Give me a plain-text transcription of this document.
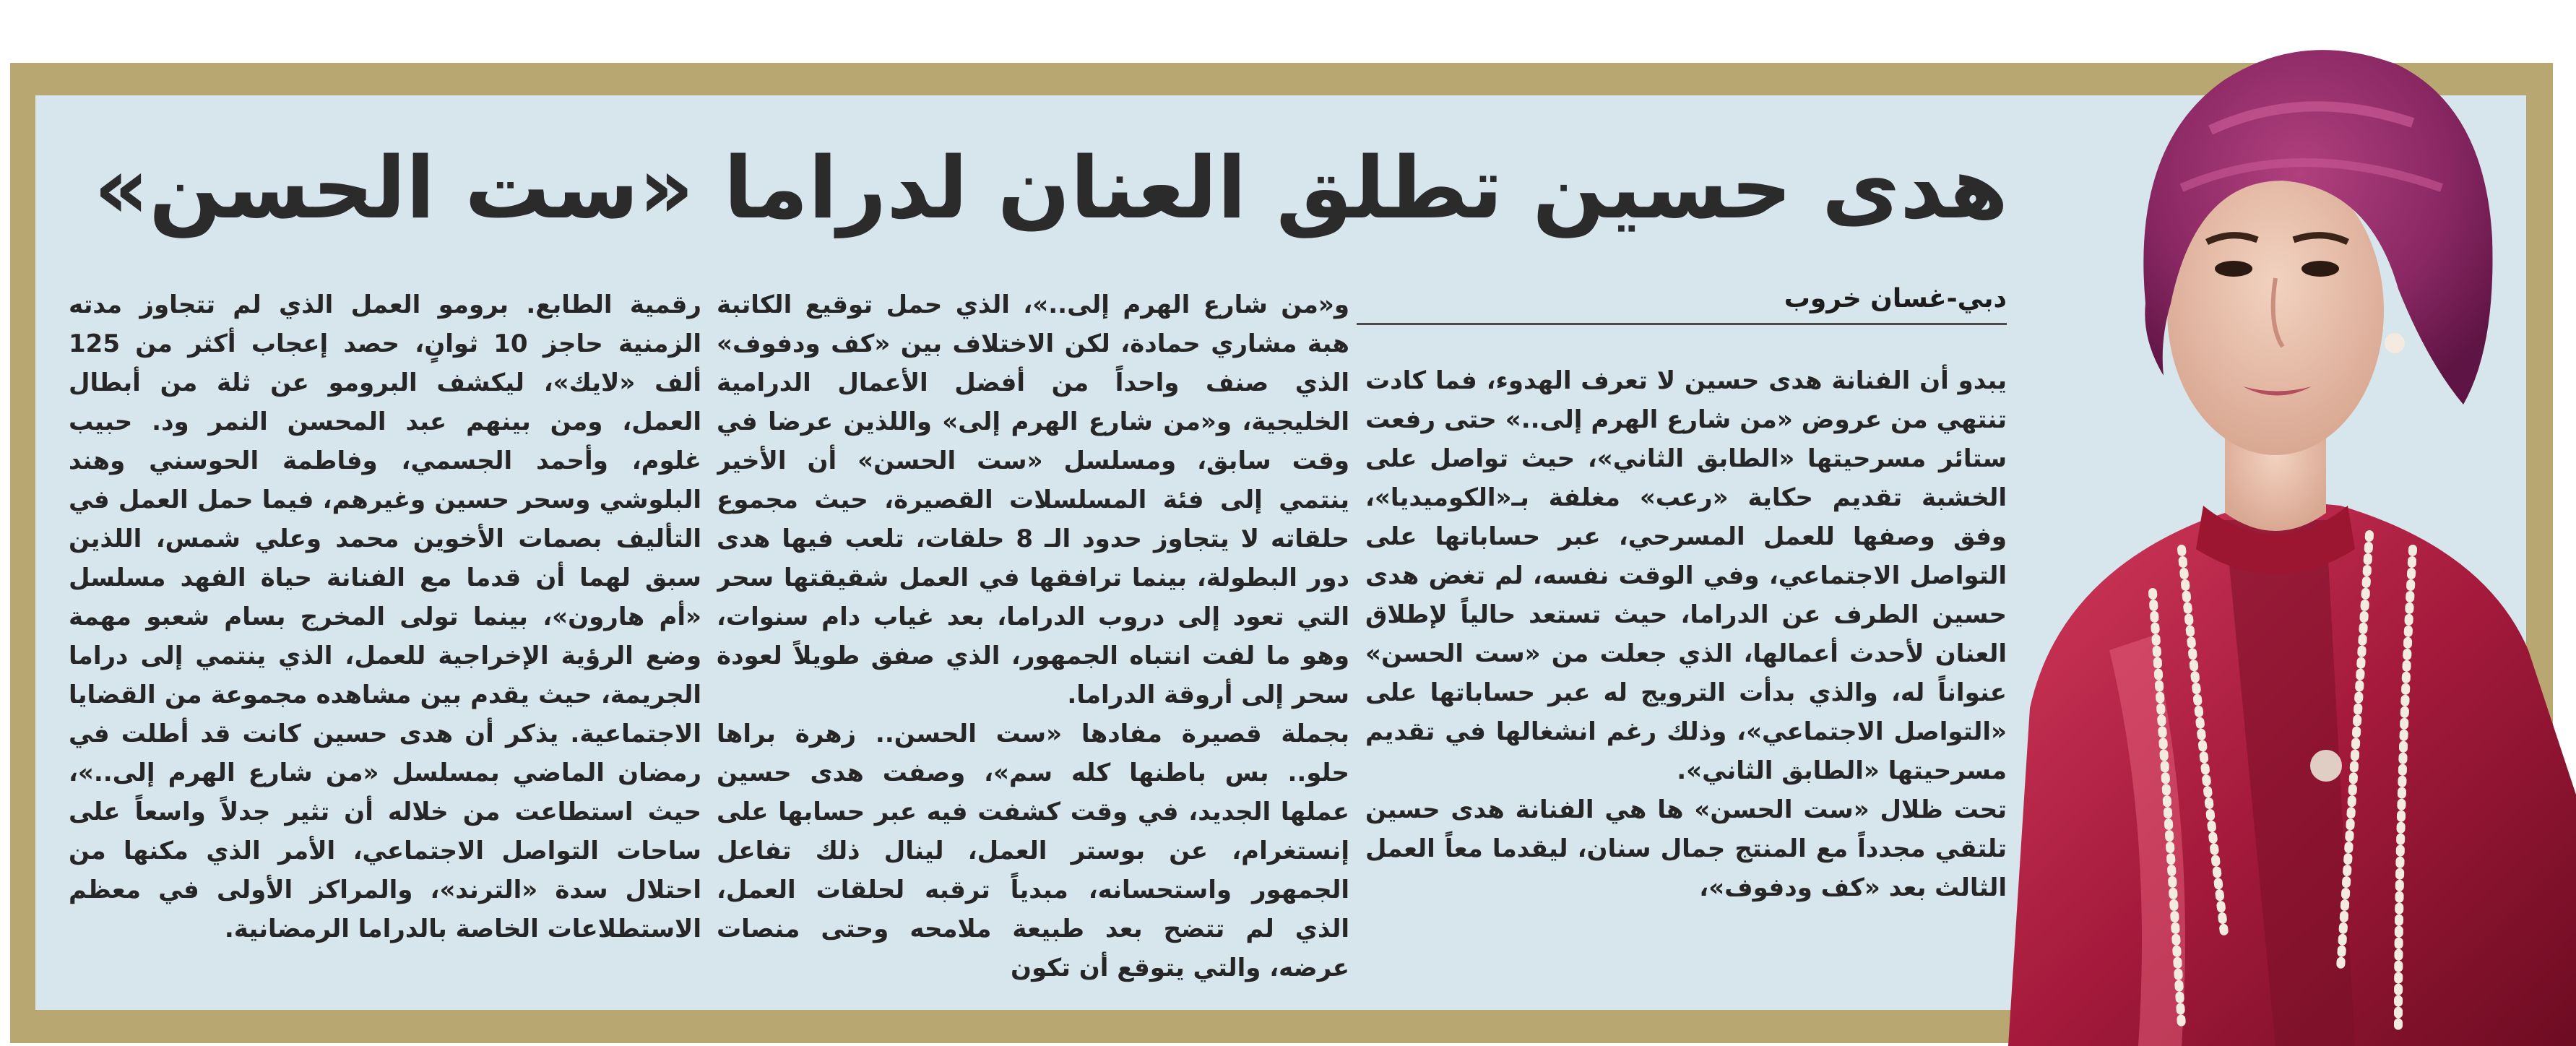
هدى حسين تطلق العنان لدراما «ست الحسن»
دبي-غسان خروب

يبدو أن الفنانة هدى حسين لا تعرف الهدوء، فما كادت تنتهي من عروض «من شارع الهرم إلى..» حتى رفعت ستائر مسرحيتها «الطابق الثاني»، حيث تواصل على الخشبة تقديم حكاية «رعب» مغلفة بـ«الكوميديا»، وفق وصفها للعمل المسرحي، عبر حساباتها على التواصل الاجتماعي، وفي الوقت نفسه، لم تغض هدى حسين الطرف عن الدراما، حيث تستعد حالياً لإطلاق العنان لأحدث أعمالها، الذي جعلت من «ست الحسن» عنواناً له، والذي بدأت الترويج له عبر حساباتها على «التواصل الاجتماعي»، وذلك رغم انشغالها في تقديم مسرحيتها «الطابق الثاني».

تحت ظلال «ست الحسن» ها هي الفنانة هدى حسين تلتقي مجدداً مع المنتج جمال سنان، ليقدما معاً العمل الثالث بعد «كف ودفوف»،

و«من شارع الهرم إلى..»، الذي حمل توقيع الكاتبة هبة مشاري حمادة، لكن الاختلاف بين «كف ودفوف» الذي صنف واحداً من أفضل الأعمال الدرامية الخليجية، و«من شارع الهرم إلى» واللذين عرضا في وقت سابق، ومسلسل «ست الحسن» أن الأخير ينتمي إلى فئة المسلسلات القصيرة، حيث مجموع حلقاته لا يتجاوز حدود الـ 8 حلقات، تلعب فيها هدى دور البطولة، بينما ترافقها في العمل شقيقتها سحر التي تعود إلى دروب الدراما، بعد غياب دام سنوات، وهو ما لفت انتباه الجمهور، الذي صفق طويلاً لعودة سحر إلى أروقة الدراما.

بجملة قصيرة مفادها «ست الحسن.. زهرة براها حلو.. بس باطنها كله سم»، وصفت هدى حسين عملها الجديد، في وقت كشفت فيه عبر حسابها على إنستغرام، عن بوستر العمل، لينال ذلك تفاعل الجمهور واستحسانه، مبدياً ترقبه لحلقات العمل، الذي لم تتضح بعد طبيعة ملامحه وحتى منصات عرضه، والتي يتوقع أن تكون

رقمية الطابع. برومو العمل الذي لم تتجاوز مدته الزمنية حاجز 10 ثوانٍ، حصد إعجاب أكثر من 125 ألف «لايك»، ليكشف البرومو عن ثلة من أبطال العمل، ومن بينهم عبد المحسن النمر ود. حبيب غلوم، وأحمد الجسمي، وفاطمة الحوسني وهند البلوشي وسحر حسين وغيرهم، فيما حمل العمل في التأليف بصمات الأخوين محمد وعلي شمس، اللذين سبق لهما أن قدما مع الفنانة حياة الفهد مسلسل «أم هارون»، بينما تولى المخرج بسام شعبو مهمة وضع الرؤية الإخراجية للعمل، الذي ينتمي إلى دراما الجريمة، حيث يقدم بين مشاهده مجموعة من القضايا الاجتماعية. يذكر أن هدى حسين كانت قد أطلت في رمضان الماضي بمسلسل «من شارع الهرم إلى..»، حيث استطاعت من خلاله أن تثير جدلاً واسعاً على ساحات التواصل الاجتماعي، الأمر الذي مكنها من احتلال سدة «الترند»، والمراكز الأولى في معظم الاستطلاعات الخاصة بالدراما الرمضانية.
